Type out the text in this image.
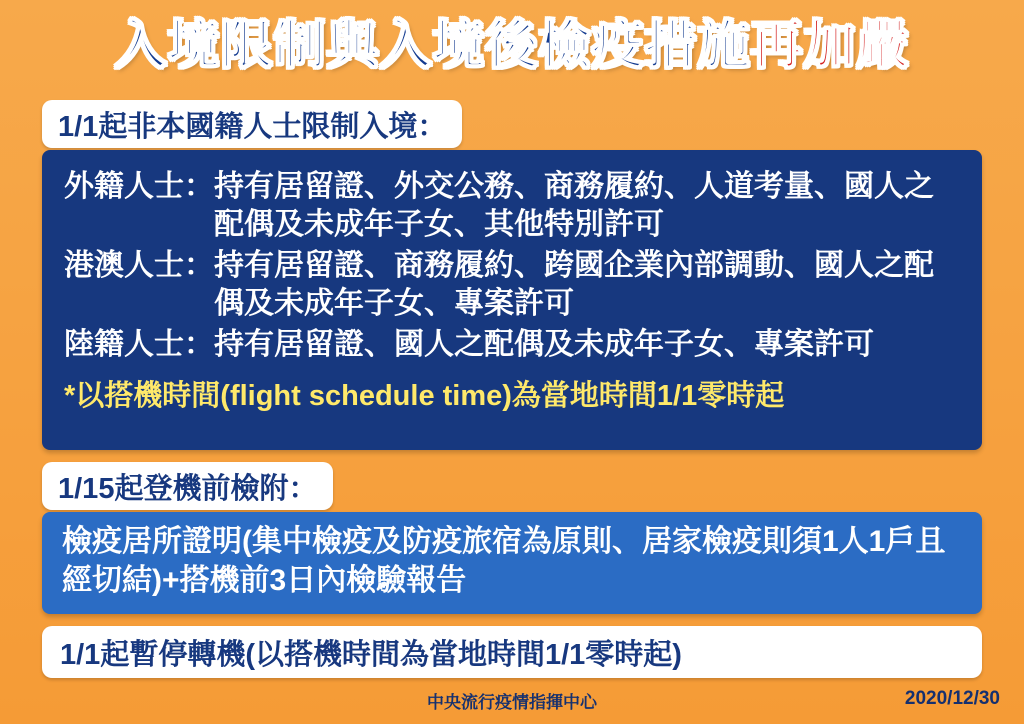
入境限制與入境後檢疫措施再加嚴
1/1起非本國籍人士限制入境：
外籍人士： 持有居留證、外交公務、商務履約、人道考量、國人之配偶及未成年子女、其他特別許可
港澳人士： 持有居留證、商務履約、跨國企業內部調動、國人之配偶及未成年子女、專案許可
陸籍人士： 持有居留證、國人之配偶及未成年子女、專案許可
*以搭機時間(flight schedule time)為當地時間1/1零時起
1/15起登機前檢附：
檢疫居所證明(集中檢疫及防疫旅宿為原則、居家檢疫則須1人1戶且經切結)+搭機前3日內檢驗報告
1/1起暫停轉機(以搭機時間為當地時間1/1零時起)
中央流行疫情指揮中心	2020/12/30
